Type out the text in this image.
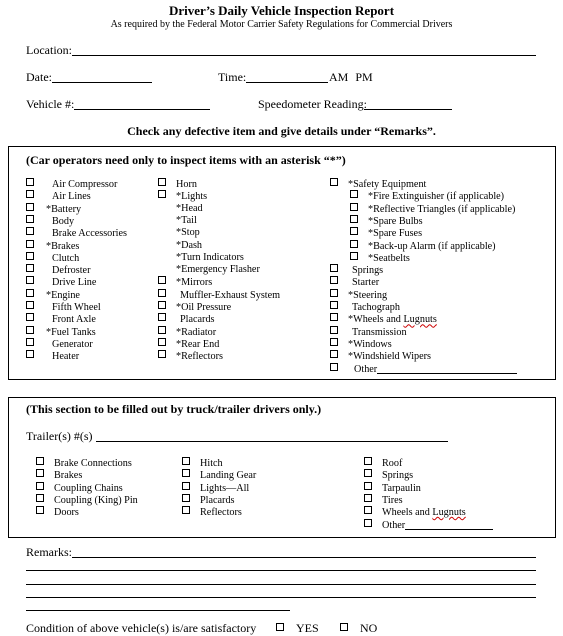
Driver’s Daily Vehicle Inspection Report
As required by the Federal Motor Carrier Safety Regulations for Commercial Drivers
Location:
Date:	Time:	AM PM
Vehicle #:	Speedometer Reading:
Check any defective item and give details under “Remarks”.
(Car operators need only to inspect items with an asterisk “*”)
Air Compressor
Air Lines
*Battery
Body
Brake Accessories
*Brakes
Clutch
Defroster
Drive Line
*Engine
Fifth Wheel
Front Axle
*Fuel Tanks
Generator
Heater
Horn
*Lights
*Head
*Tail
*Stop
*Dash
*Turn Indicators
*Emergency Flasher
*Mirrors
Muffler-Exhaust System
*Oil Pressure
Placards
*Radiator
*Rear End
*Reflectors
*Safety Equipment
*Fire Extinguisher (if applicable)
*Reflective Triangles (if applicable)
*Spare Bulbs
*Spare Fuses
*Back-up Alarm (if applicable)
*Seatbelts
Springs
Starter
*Steering
Tachograph
*Wheels and Lugnuts
Transmission
*Windows
*Windshield Wipers
Other
(This section to be filled out by truck/trailer drivers only.)
Trailer(s) #(s)
Brake Connections
Brakes
Coupling Chains
Coupling (King) Pin
Doors
Hitch
Landing Gear
Lights—All
Placards
Reflectors
Roof
Springs
Tarpaulin
Tires
Wheels and Lugnuts
Other
Remarks:
Condition of above vehicle(s) is/are satisfactory	YES	NO
